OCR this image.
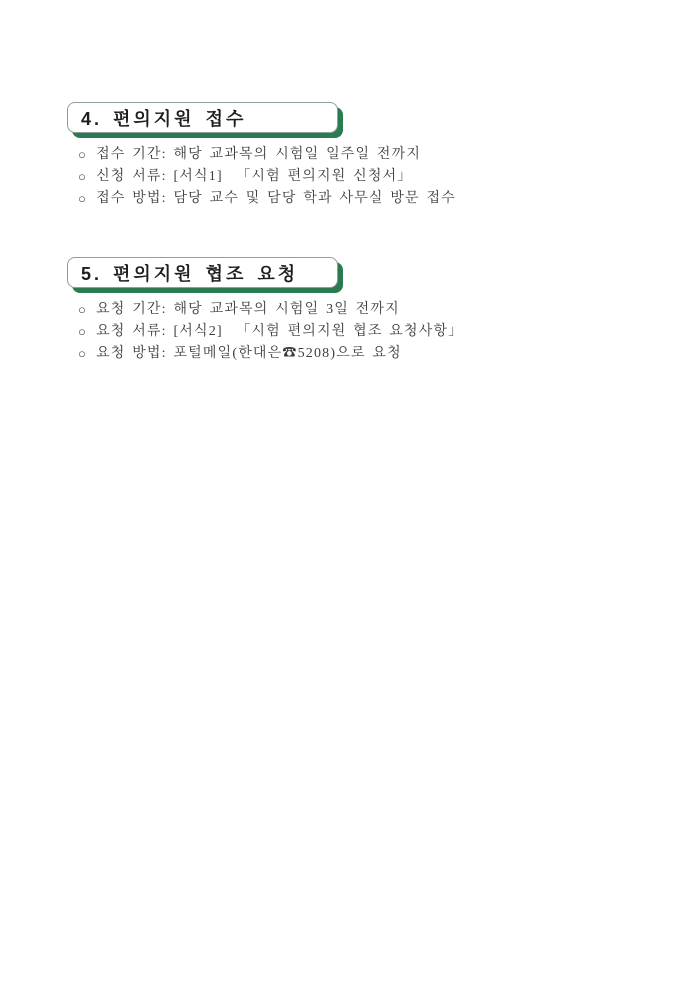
4. 편의지원 접수
○ 접수 기간: 해당 교과목의 시험일 일주일 전까지
○ 신청 서류: [서식1]  「시험 편의지원 신청서」
○ 접수 방법: 담당 교수 및 담당 학과 사무실 방문 접수
5. 편의지원 협조 요청
○ 요청 기간: 해당 교과목의 시험일 3일 전까지
○ 요청 서류: [서식2]  「시험 편의지원 협조 요청사항」
○ 요청 방법: 포털메일(한대은☎5208)으로 요청
